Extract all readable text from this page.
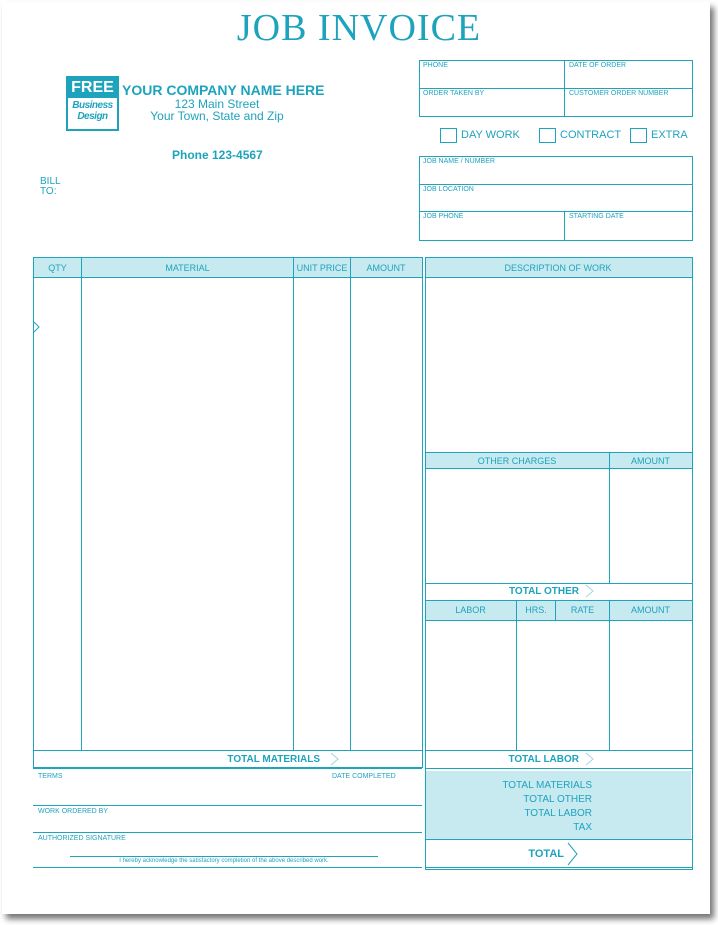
JOB INVOICE
FREE
Business
Design
YOUR COMPANY NAME HERE
123 Main Street
Your Town, State and Zip
Phone 123-4567
BILL
TO:
PHONE	DATE OF ORDER
ORDER TAKEN BY	CUSTOMER ORDER NUMBER
DAY WORK	CONTRACT	EXTRA
JOB NAME / NUMBER
JOB LOCATION
JOB PHONE	STARTING DATE
QTY	MATERIAL	UNIT PRICE	AMOUNT
TOTAL MATERIALS
DESCRIPTION OF WORK
OTHER CHARGES	AMOUNT
TOTAL OTHER
LABOR	HRS.	RATE	AMOUNT
TOTAL LABOR
TOTAL MATERIALS
TOTAL OTHER
TOTAL LABOR
TAX
TOTAL
TERMS	DATE COMPLETED
WORK ORDERED BY
AUTHORIZED SIGNATURE
I hereby acknowledge the satisfactory completion of the above described work.
